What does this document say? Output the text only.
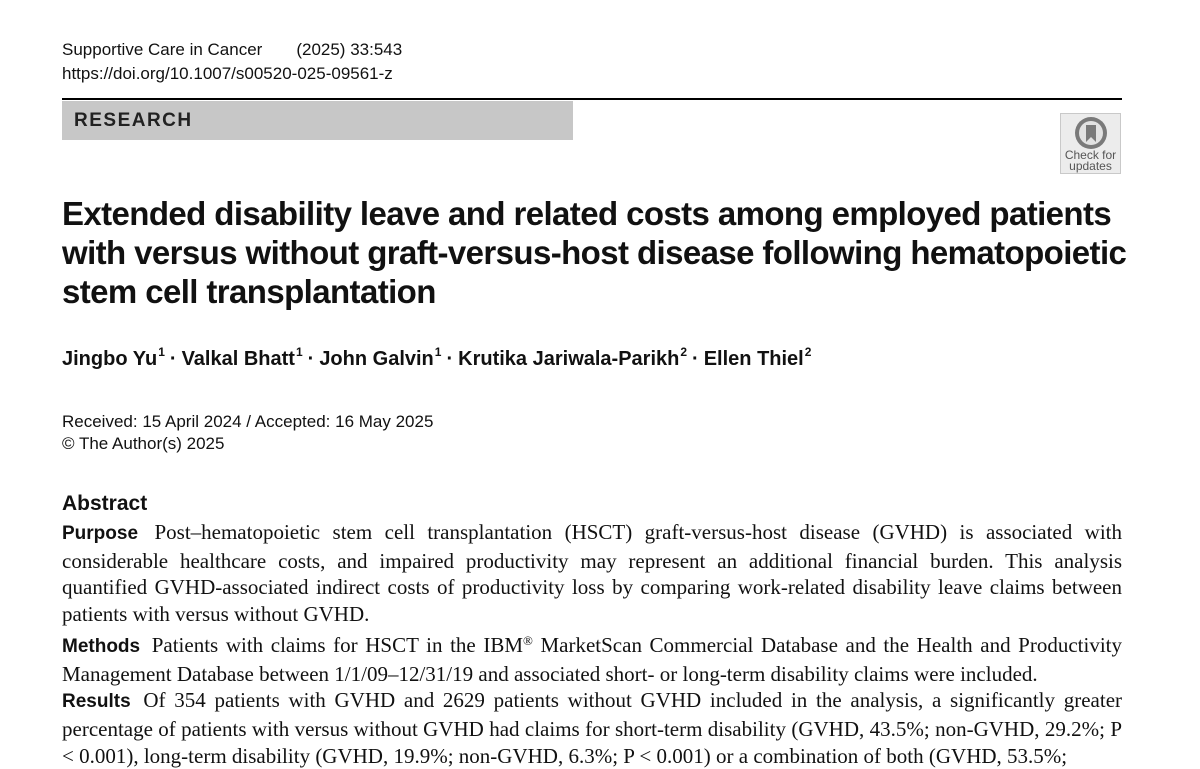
Supportive Care in Cancer (2025) 33:543
https://doi.org/10.1007/s00520-025-09561-z
RESEARCH
Check for
updates
Extended disability leave and related costs among employed patients with versus without graft-versus-host disease following hematopoietic stem cell transplantation
Jingbo $Yu^1$ · Valkal Bhatt$^1$ · John Galvin$^1$ · Krutika Jariwala-Parikh$^2$ · Ellen Thiel$^2$
Received: 15 April 2024 / Accepted: 16 May 2025
© The Author(s) 2025
Abstract

Purpose Post–hematopoietic stem cell transplantation (HSCT) graft-versus-host disease (GVHD) is associated with considerable healthcare costs, and impaired productivity may represent an additional financial burden. This analysis quantified GVHD-associated indirect costs of productivity loss by comparing work-related disability leave claims between patients with versus without GVHD.

Methods Patients with claims for HSCT in the IBM® MarketScan Commercial Database and the Health and Productivity Management Database between 1/1/09–12/31/19 and associated short- or long-term disability claims were included.

Results Of 354 patients with GVHD and 2629 patients without GVHD included in the analysis, a significantly greater percentage of patients with versus without GVHD had claims for short-term disability (GVHD, 43.5%; non-GVHD, 29.2%; P < 0.001), long-term disability (GVHD, 19.9%; non-GVHD, 6.3%; P < 0.001) or a combination of both (GVHD, 53.5%;
